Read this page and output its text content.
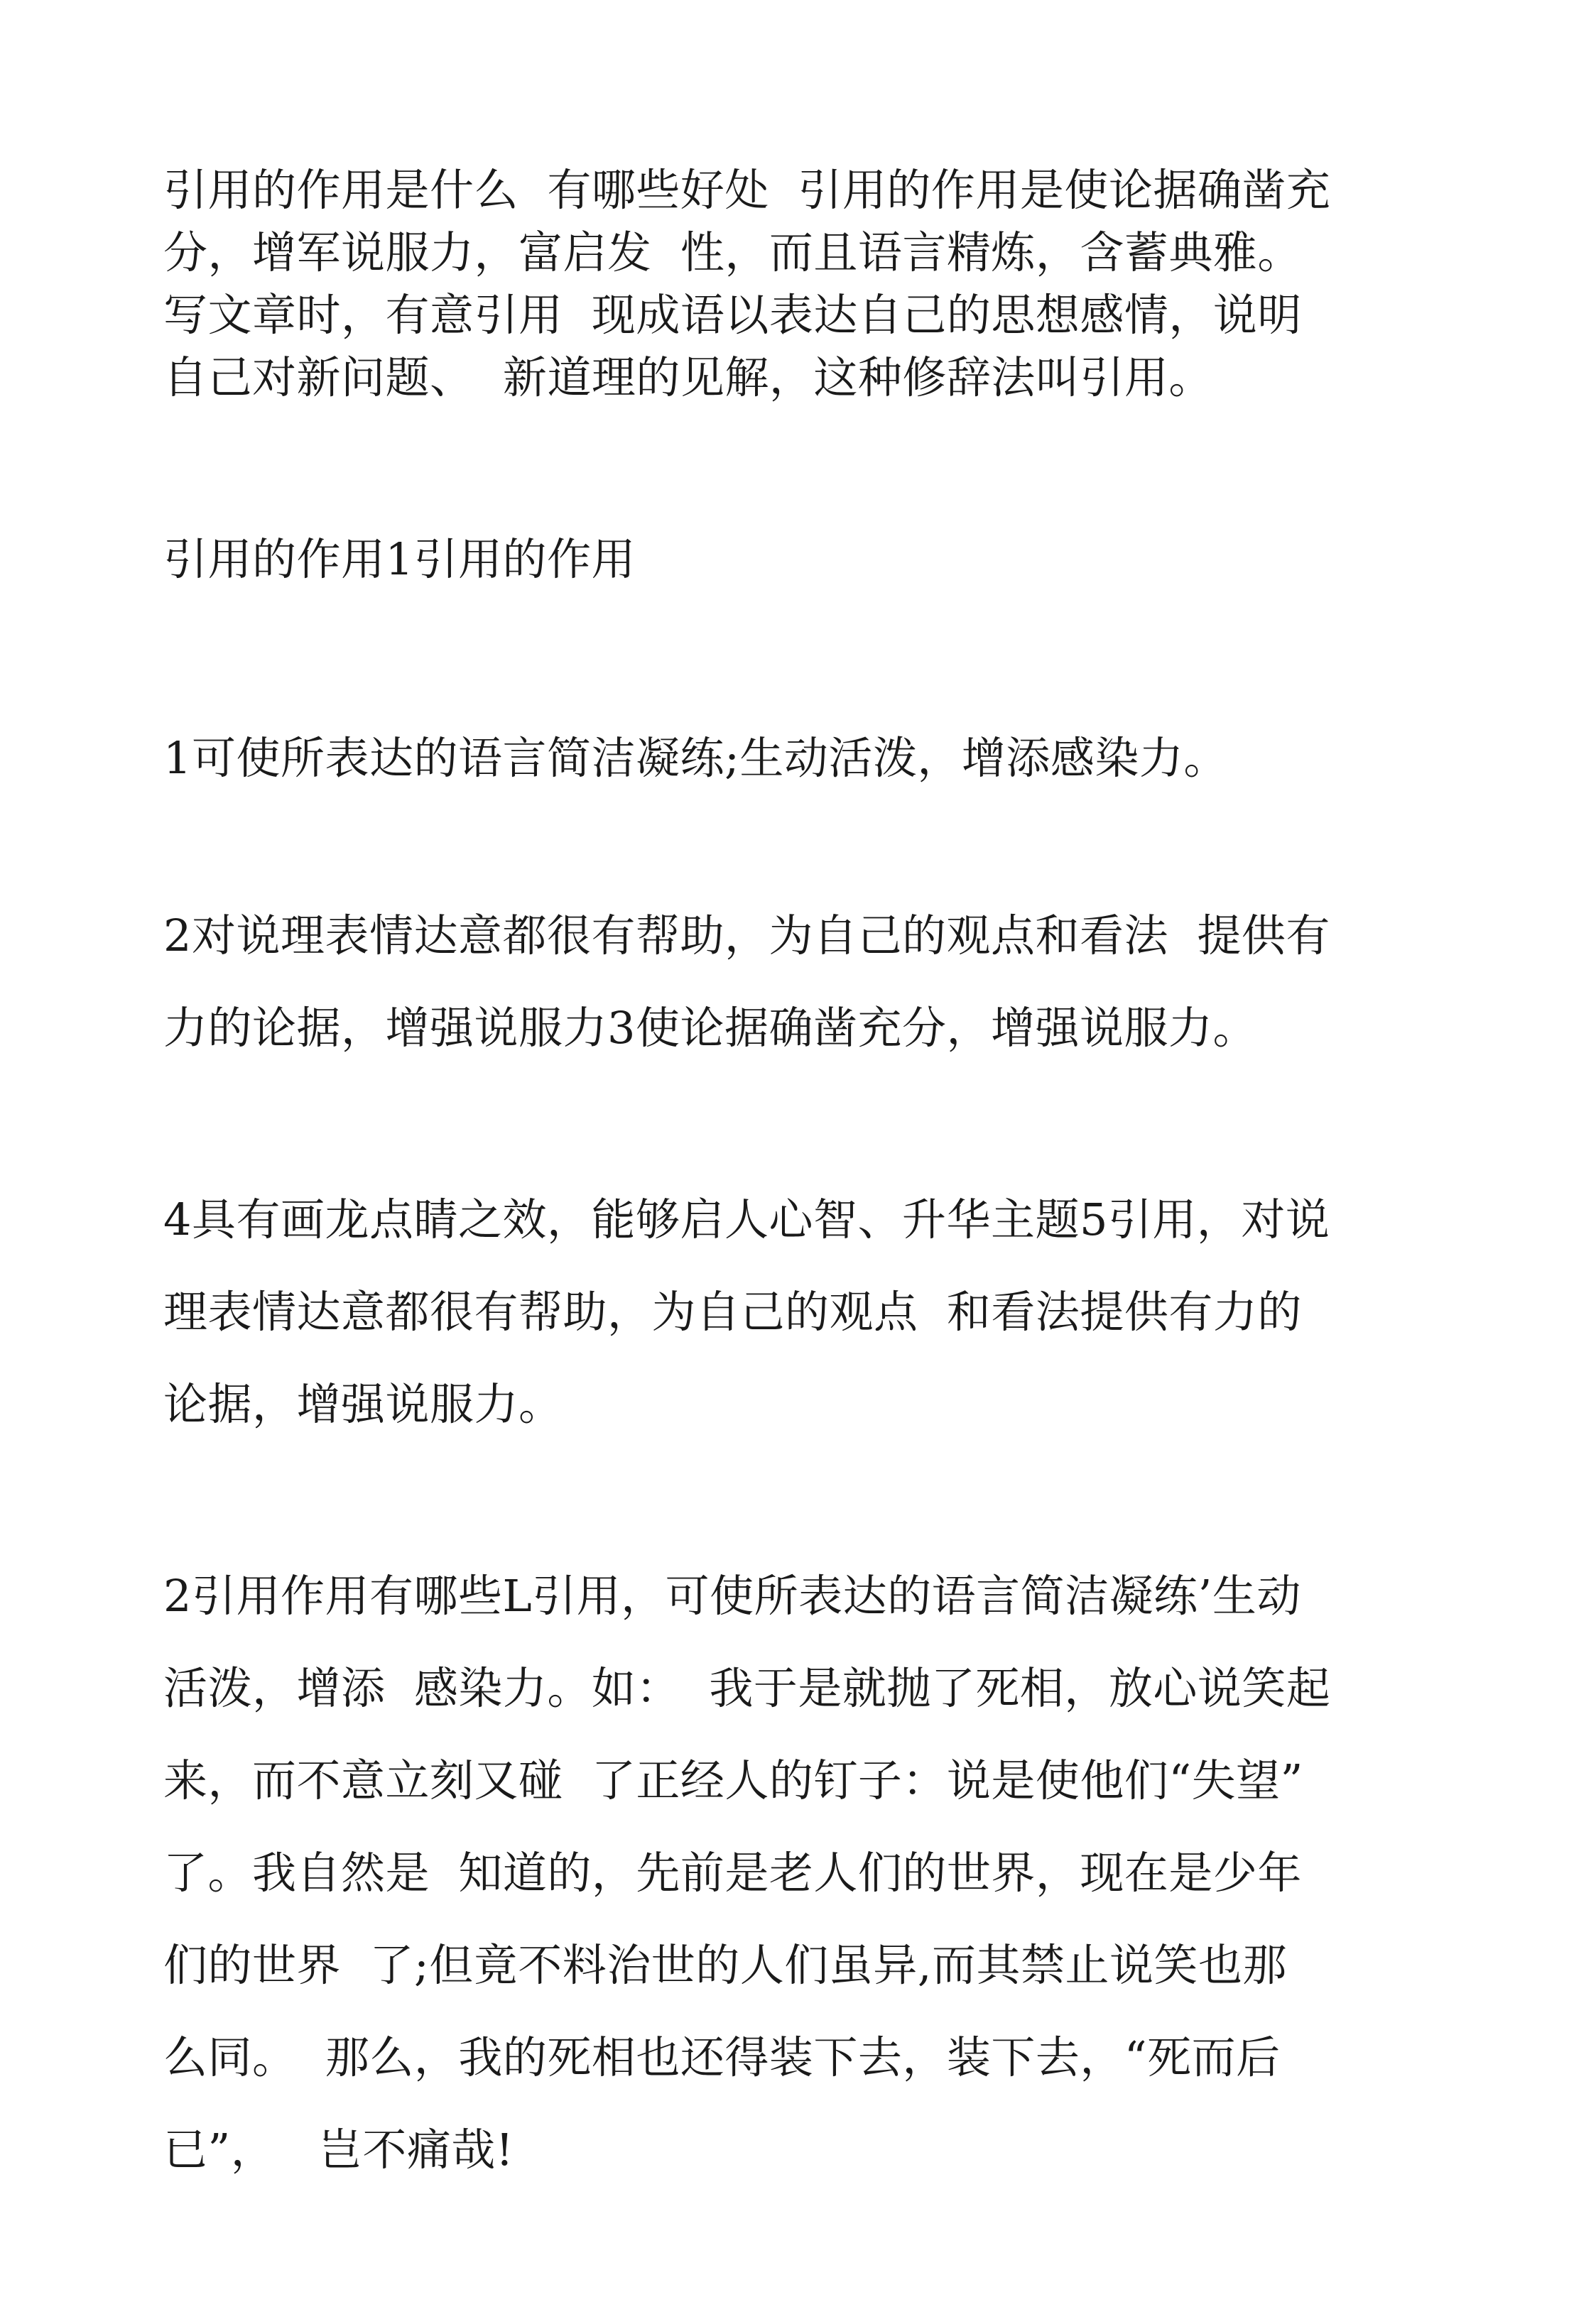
引用的作用是什么  有哪些好处  引用的作用是使论据确凿充

分，增军说服力，富启发  性，而且语言精炼，含蓄典雅。

写文章时，有意引用  现成语以表达自己的思想感情，说明

自己对新问题、  新道理的见解，这种修辞法叫引用。

引用的作用1引用的作用

1可使所表达的语言简洁凝练;生动活泼，增添感染力。

2对说理表情达意都很有帮助，为自己的观点和看法  提供有

力的论据，增强说服力3使论据确凿充分，增强说服力。

4具有画龙点睛之效，能够启人心智、升华主题5引用，对说

理表情达意都很有帮助，为自己的观点  和看法提供有力的

论据，增强说服力。

2引用作用有哪些L引用，可使所表达的语言简洁凝练’生动

活泼，增添  感染力。如：  我于是就抛了死相，放心说笑起

来，而不意立刻又碰  了正经人的钉子：说是使他们“失望”

了。我自然是  知道的，先前是老人们的世界，现在是少年

们的世界  了;但竟不料治世的人们虽异,而其禁止说笑也那

么同。  那么，我的死相也还得装下去，装下去，“死而后

已”，   岂不痛哉!
